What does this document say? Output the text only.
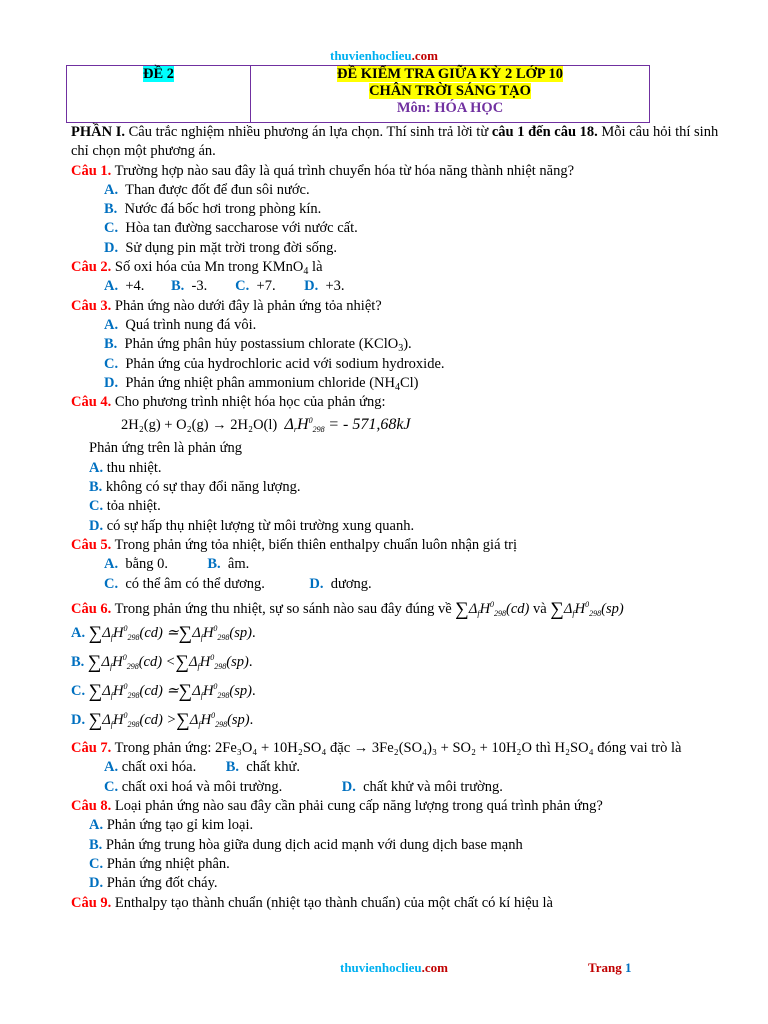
thuvienhoclieu.com
ĐỀ 2	ĐỀ KIỂM TRA GIỮA KỲ 2 LỚP 10
CHÂN TRỜI SÁNG TẠO
Môn: HÓA HỌC

PHẦN I. Câu trắc nghiệm nhiều phương án lựa chọn. Thí sinh trả lời từ câu 1 đến câu 18. Mỗi câu hỏi thí sinh chỉ chọn một phương án.

Câu 1. Trường hợp nào sau đây là quá trình chuyển hóa từ hóa năng thành nhiệt năng?

A. Than được đốt để đun sôi nước.

B. Nước đá bốc hơi trong phòng kín.

C. Hòa tan đường saccharose với nước cất.

D. Sử dụng pin mặt trời trong đời sống.

Câu 2. Số oxi hóa của Mn trong KMnO$_4$ là

A. +4. B. -3. C. +7. D. +3.

Câu 3. Phản ứng nào dưới đây là phản ứng tỏa nhiệt?

A. Quá trình nung đá vôi.

B. Phản ứng phân hủy postassium chlorate (KClO$_3$).

C. Phản ứng của hydrochloric acid với sodium hydroxide.

D. Phản ứng nhiệt phân ammonium chloride $(NH_4Cl)$

Câu 4. Cho phương trình nhiệt hóa học của phản ứng:

2H₂(g) + O₂(g) → 2H₂O(l) $\Delta_rH^0_{298}$ = - 571,68kJ

Phản ứng trên là phản ứng

A. thu nhiệt.

B. không có sự thay đổi năng lượng.

C. tỏa nhiệt.

D. có sự hấp thụ nhiệt lượng từ môi trường xung quanh.

Câu 5. Trong phản ứng tỏa nhiệt, biến thiên enthalpy chuẩn luôn nhận giá trị

A. bằng 0.	B. âm.

C. có thể âm có thể dương.	D. dương.

Câu 6. Trong phản ứng thu nhiệt, sự so sánh nào sau đây đúng về $\sum\Delta_fH^0_{298}(cd)$ và $\sum\Delta_fH^0_{298}(sp)$

A. $\sum\Delta_fH^0_{298}(cd)$ $≃\sum\Delta_fH^0_{298}(sp)$.

B. $\sum\Delta_fH^0_{298}(cd) <\sum\Delta_fH^0_{298}(sp)$.

C. $\sum\Delta_fH^0_{298}(cd)$ $≃\sum\Delta_fH^0_{298}(sp)$.

D. $\sum\Delta_fH^0_{298}(cd) >\sum\Delta_fH^0_{298}(sp)$.

Câu 7. Trong phản ứng: 2Fe₃O₄ + 10H₂SO₄ đặc → 3Fe₂(SO₄)₃ + SO₂ + 10H₂O thì H₂SO₄ đóng vai trò là

A. chất oxi hóa. B. chất khử.

C. chất oxi hoá và môi trường.	D. chất khử và môi trường.

Câu 8. Loại phản ứng nào sau đây cần phải cung cấp năng lượng trong quá trình phản ứng?

A. Phản ứng tạo gỉ kim loại.

B. Phản ứng trung hòa giữa dung dịch acid mạnh với dung dịch base mạnh

C. Phản ứng nhiệt phân.

D. Phản ứng đốt cháy.

Câu 9. Enthalpy tạo thành chuẩn (nhiệt tạo thành chuẩn) của một chất có kí hiệu là

thuvienhoclieu.com	Trang 1
